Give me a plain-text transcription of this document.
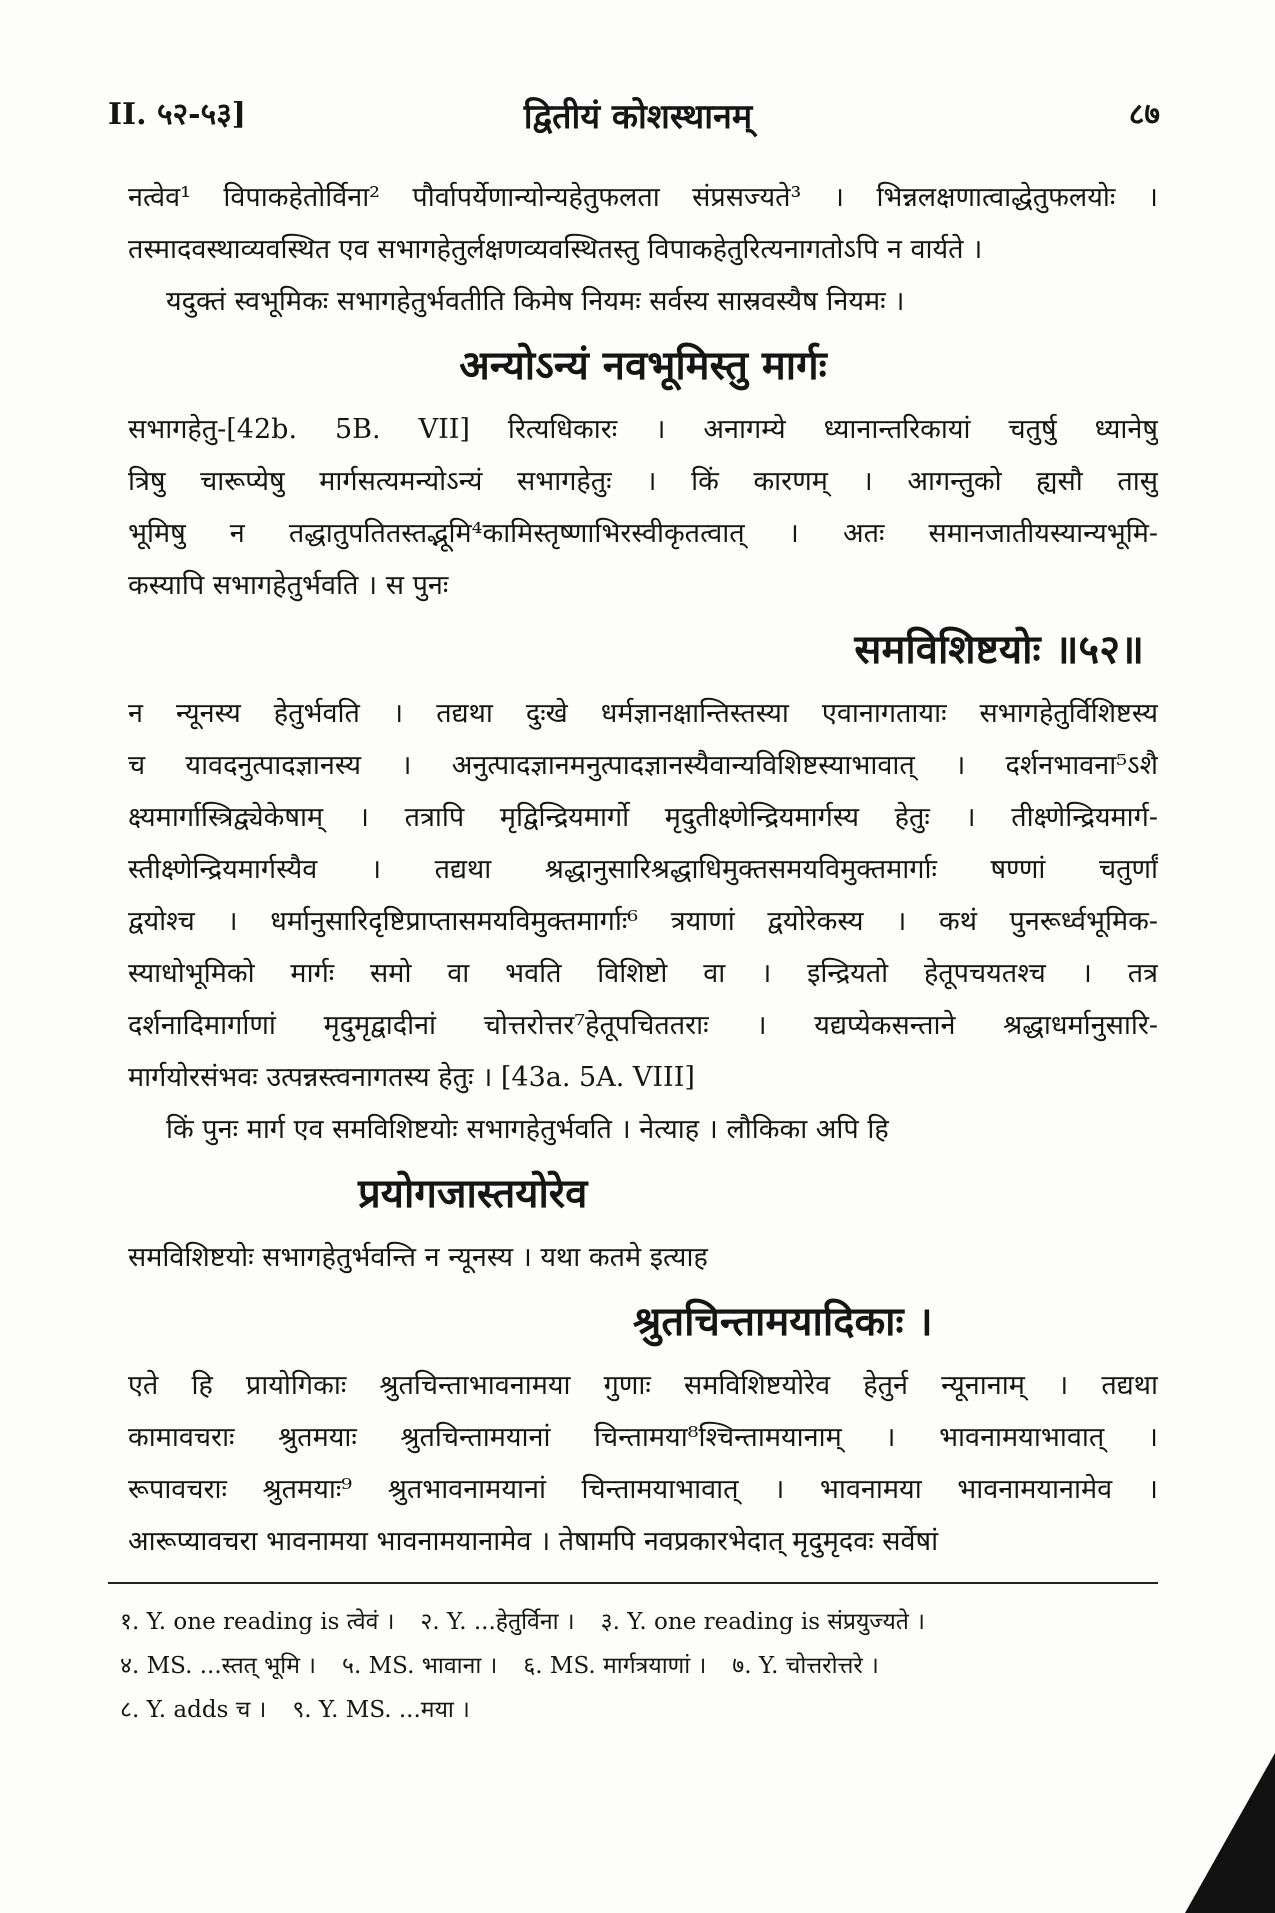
II. ५२-५३]	द्वितीयं कोशस्थानम्	८७
नत्वेव¹ विपाकहेतोर्विना² पौर्वापर्येणान्योन्यहेतुफलता संप्रसज्यते³ । भिन्नलक्षणात्वाद्धेतुफलयोः ।
तस्मादवस्थाव्यवस्थित एव सभागहेतुर्लक्षणव्यवस्थितस्तु विपाकहेतुरित्यनागतोऽपि न वार्यते ।
यदुक्तं स्वभूमिकः सभागहेतुर्भवतीति किमेष नियमः सर्वस्य सास्रवस्यैष नियमः ।
अन्योऽन्यं नवभूमिस्तु मार्गः
सभागहेतु-[42b. 5B. VII] रित्यधिकारः । अनागम्ये ध्यानान्तरिकायां चतुर्षु ध्यानेषु
त्रिषु चारूप्येषु मार्गसत्यमन्योऽन्यं सभागहेतुः । किं कारणम् । आगन्तुको ह्यसौ तासु
भूमिषु न तद्धातुपतितस्तद्भूमि⁴कामिस्तृष्णाभिरस्वीकृतत्वात् । अतः समानजातीयस्यान्यभूमि-
कस्यापि सभागहेतुर्भवति । स पुनः
समविशिष्टयोः ॥५२॥
न न्यूनस्य हेतुर्भवति । तद्यथा दुःखे धर्मज्ञानक्षान्तिस्तस्या एवानागतायाः सभागहेतुर्विशिष्टस्य
च यावदनुत्पादज्ञानस्य । अनुत्पादज्ञानमनुत्पादज्ञानस्यैवान्यविशिष्टस्याभावात् । दर्शनभावना⁵ऽशै
क्ष्यमार्गास्त्रिद्व्येकेषाम् । तत्रापि मृद्विन्द्रियमार्गो मृदुतीक्ष्णेन्द्रियमार्गस्य हेतुः । तीक्ष्णेन्द्रियमार्ग-
स्तीक्ष्णेन्द्रियमार्गस्यैव । तद्यथा श्रद्धानुसारिश्रद्धाधिमुक्तसमयविमुक्तमार्गाः षण्णां चतुर्णां
द्वयोश्च । धर्मानुसारिदृष्टिप्राप्तासमयविमुक्तमार्गाः⁶ त्रयाणां द्वयोरेकस्य । कथं पुनरूर्ध्वभूमिक-
स्याधोभूमिको मार्गः समो वा भवति विशिष्टो वा । इन्द्रियतो हेतूपचयतश्च । तत्र
दर्शनादिमार्गाणां मृदुमृद्वादीनां चोत्तरोत्तर⁷हेतूपचिततराः । यद्यप्येकसन्ताने श्रद्धाधर्मानुसारि-
मार्गयोरसंभवः उत्पन्नस्त्वनागतस्य हेतुः । [43a. 5A. VIII]
किं पुनः मार्ग एव समविशिष्टयोः सभागहेतुर्भवति । नेत्याह । लौकिका अपि हि
प्रयोगजास्तयोरेव
समविशिष्टयोः सभागहेतुर्भवन्ति न न्यूनस्य । यथा कतमे इत्याह
श्रुतचिन्तामयादिकाः ।
एते हि प्रायोगिकाः श्रुतचिन्ताभावनामया गुणाः समविशिष्टयोरेव हेतुर्न न्यूनानाम् । तद्यथा
कामावचराः श्रुतमयाः श्रुतचिन्तामयानां चिन्तामया⁸श्चिन्तामयानाम् । भावनामयाभावात् ।
रूपावचराः श्रुतमयाः⁹ श्रुतभावनामयानां चिन्तामयाभावात् । भावनामया भावनामयानामेव ।
आरूप्यावचरा भावनामया भावनामयानामेव । तेषामपि नवप्रकारभेदात् मृदुमृदवः सर्वेषां
१. Y. one reading is त्वेवं । २. Y. ...हेतुर्विना । ३. Y. one reading is संप्रयुज्यते ।
४. MS. ...स्तत् भूमि । ५. MS. भावाना । ६. MS. मार्गत्रयाणां । ७. Y. चोत्तरोत्तरे ।
८. Y. adds च । ९. Y. MS. ...मया ।
